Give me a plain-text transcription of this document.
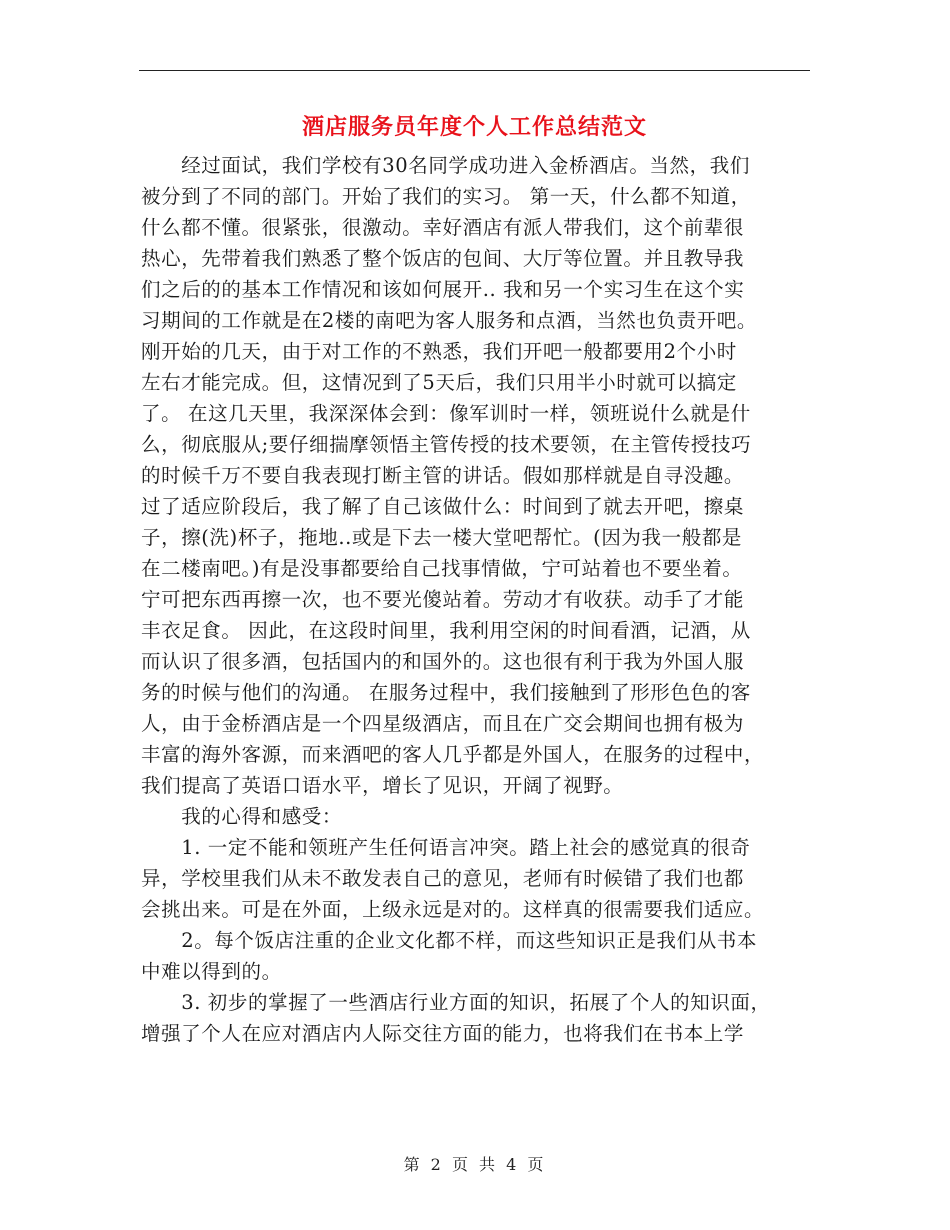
酒店服务员年度个人工作总结范文

　　经过面试，我们学校有30名同学成功进入金桥酒店。当然，我们

被分到了不同的部门。开始了我们的实习。 第一天，什么都不知道，

什么都不懂。很紧张，很激动。幸好酒店有派人带我们，这个前辈很

热心，先带着我们熟悉了整个饭店的包间、大厅等位置。并且教导我

们之后的的基本工作情况和该如何展开.. 我和另一个实习生在这个实

习期间的工作就是在2楼的南吧为客人服务和点酒，当然也负责开吧。

刚开始的几天，由于对工作的不熟悉，我们开吧一般都要用2个小时

左右才能完成。但，这情况到了5天后，我们只用半小时就可以搞定

了。 在这几天里，我深深体会到：像军训时一样，领班说什么就是什

么，彻底服从;要仔细揣摩领悟主管传授的技术要领，在主管传授技巧

的时候千万不要自我表现打断主管的讲话。假如那样就是自寻没趣。

过了适应阶段后，我了解了自己该做什么：时间到了就去开吧，擦桌

子，擦(洗)杯子，拖地..或是下去一楼大堂吧帮忙。(因为我一般都是

在二楼南吧。)有是没事都要给自己找事情做，宁可站着也不要坐着。

宁可把东西再擦一次，也不要光傻站着。劳动才有收获。动手了才能

丰衣足食。 因此，在这段时间里，我利用空闲的时间看酒，记酒，从

而认识了很多酒，包括国内的和国外的。这也很有利于我为外国人服

务的时候与他们的沟通。 在服务过程中，我们接触到了形形色色的客

人，由于金桥酒店是一个四星级酒店，而且在广交会期间也拥有极为

丰富的海外客源，而来酒吧的客人几乎都是外国人，在服务的过程中，

我们提高了英语口语水平，增长了见识，开阔了视野。

　　我的心得和感受：

　　1. 一定不能和领班产生任何语言冲突。踏上社会的感觉真的很奇

异，学校里我们从未不敢发表自己的意见，老师有时候错了我们也都

会挑出来。可是在外面，上级永远是对的。这样真的很需要我们适应。

　　2。每个饭店注重的企业文化都不样，而这些知识正是我们从书本

中难以得到的。

　　3. 初步的掌握了一些酒店行业方面的知识，拓展了个人的知识面，

增强了个人在应对酒店内人际交往方面的能力，也将我们在书本上学

第 2 页 共 4 页
